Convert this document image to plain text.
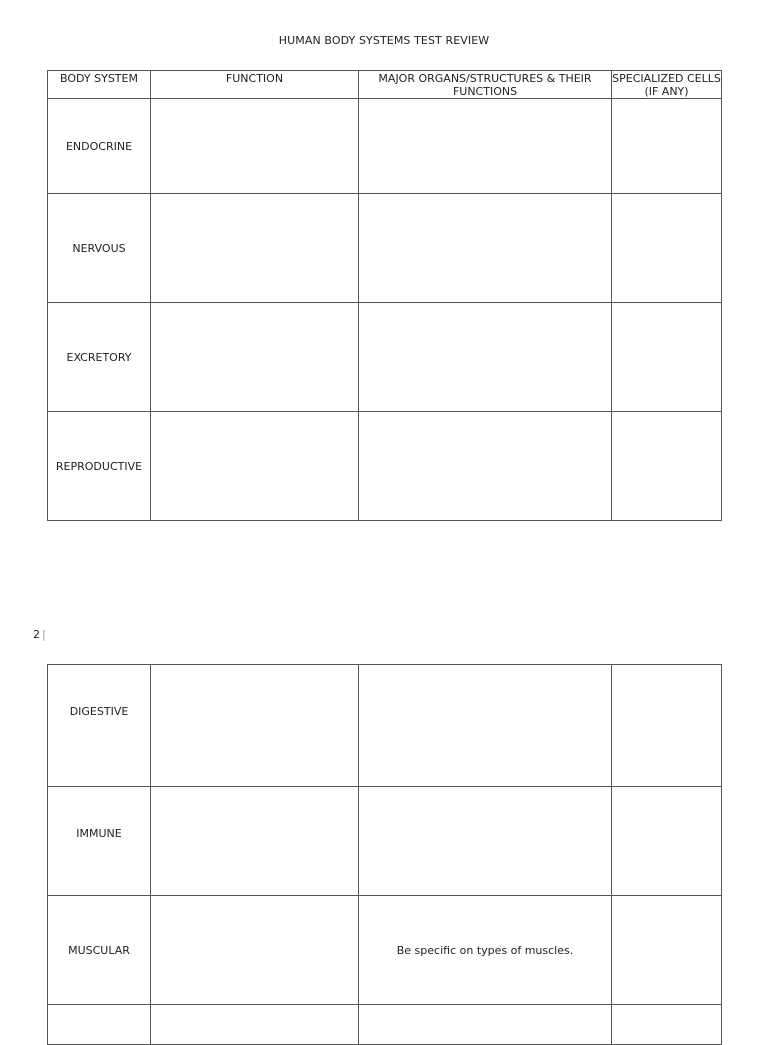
HUMAN BODY SYSTEMS TEST REVIEW
BODY SYSTEM	FUNCTION	MAJOR ORGANS/STRUCTURES & THEIR FUNCTIONS	SPECIALIZED CELLS (IF ANY)
ENDOCRINE			
NERVOUS			
EXCRETORY			
REPRODUCTIVE			
2 |
DIGESTIVE			
IMMUNE			
MUSCULAR		Be specific on types of muscles.	
